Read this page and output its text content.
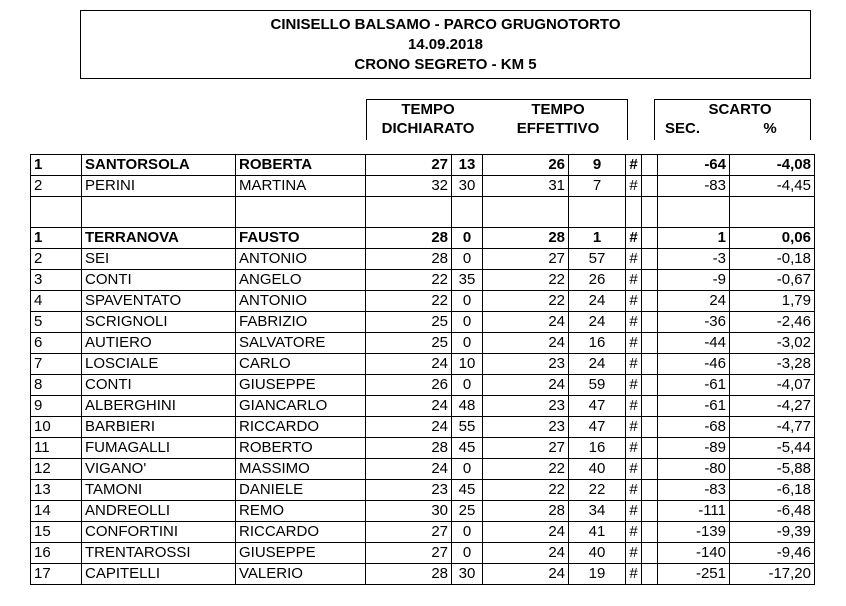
CINISELLO BALSAMO - PARCO GRUGNOTORTO
14.09.2018
CRONO SEGRETO - KM 5
TEMPO
DICHIARATO
TEMPO
EFFETTIVO
SCARTO
SEC.	%
1	SANTORSOLA	ROBERTA	27	13	26	9	#		-64	-4,08
2	PERINI	MARTINA	32	30	31	7	#		-83	-4,45

1	TERRANOVA	FAUSTO	28	0	28	1	#		1	0,06
2	SEI	ANTONIO	28	0	27	57	#		-3	-0,18
3	CONTI	ANGELO	22	35	22	26	#		-9	-0,67
4	SPAVENTATO	ANTONIO	22	0	22	24	#		24	1,79
5	SCRIGNOLI	FABRIZIO	25	0	24	24	#		-36	-2,46
6	AUTIERO	SALVATORE	25	0	24	16	#		-44	-3,02
7	LOSCIALE	CARLO	24	10	23	24	#		-46	-3,28
8	CONTI	GIUSEPPE	26	0	24	59	#		-61	-4,07
9	ALBERGHINI	GIANCARLO	24	48	23	47	#		-61	-4,27
10	BARBIERI	RICCARDO	24	55	23	47	#		-68	-4,77
11	FUMAGALLI	ROBERTO	28	45	27	16	#		-89	-5,44
12	VIGANO'	MASSIMO	24	0	22	40	#		-80	-5,88
13	TAMONI	DANIELE	23	45	22	22	#		-83	-6,18
14	ANDREOLLI	REMO	30	25	28	34	#		-111	-6,48
15	CONFORTINI	RICCARDO	27	0	24	41	#		-139	-9,39
16	TRENTAROSSI	GIUSEPPE	27	0	24	40	#		-140	-9,46
17	CAPITELLI	VALERIO	28	30	24	19	#		-251	-17,20
